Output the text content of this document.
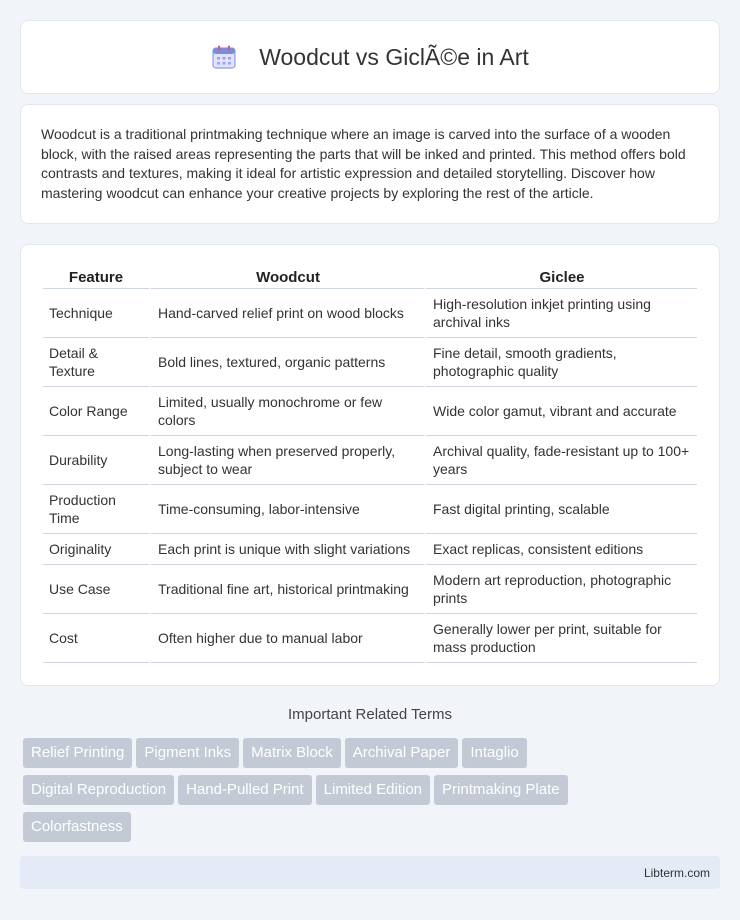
Woodcut vs GiclÃ©e in Art

Woodcut is a traditional printmaking technique where an image is carved into the surface of a wooden block, with the raised areas representing the parts that will be inked and printed. This method offers bold contrasts and textures, making it ideal for artistic expression and detailed storytelling. Discover how mastering woodcut can enhance your creative projects by exploring the rest of the article.

Feature	Woodcut	Giclee
Technique	Hand-carved relief print on wood blocks	High-resolution inkjet printing using archival inks
Detail & Texture	Bold lines, textured, organic patterns	Fine detail, smooth gradients, photographic quality
Color Range	Limited, usually monochrome or few colors	Wide color gamut, vibrant and accurate
Durability	Long-lasting when preserved properly, subject to wear	Archival quality, fade-resistant up to 100+ years
Production Time	Time-consuming, labor-intensive	Fast digital printing, scalable
Originality	Each print is unique with slight variations	Exact replicas, consistent editions
Use Case	Traditional fine art, historical printmaking	Modern art reproduction, photographic prints
Cost	Often higher due to manual labor	Generally lower per print, suitable for mass production
Important Related Terms
Relief Printing Pigment Inks Matrix Block Archival Paper Intaglio
Digital Reproduction Hand-Pulled Print Limited Edition Printmaking Plate
Colorfastness
Libterm.com
